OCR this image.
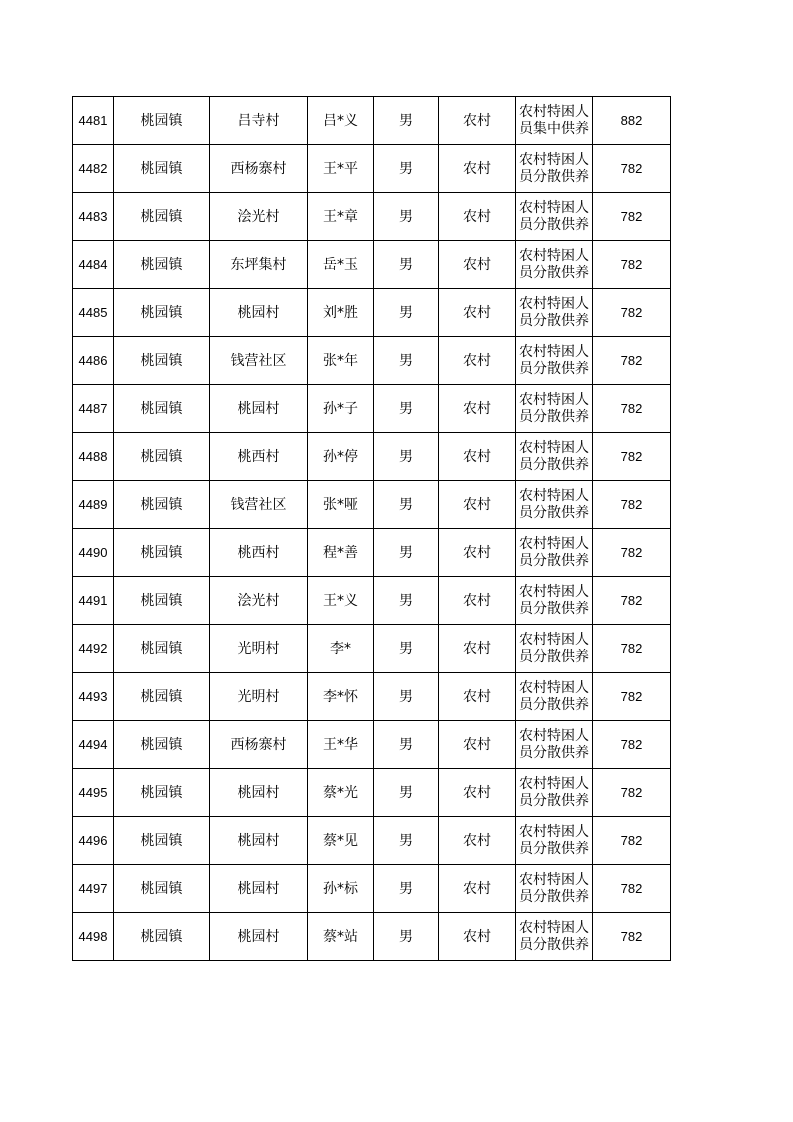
4481	桃园镇	吕寺村	吕*义	男	农村	农村特困人员集中供养	882
4482	桃园镇	西杨寨村	王*平	男	农村	农村特困人员分散供养	782
4483	桃园镇	浍光村	王*章	男	农村	农村特困人员分散供养	782
4484	桃园镇	东坪集村	岳*玉	男	农村	农村特困人员分散供养	782
4485	桃园镇	桃园村	刘*胜	男	农村	农村特困人员分散供养	782
4486	桃园镇	钱营社区	张*年	男	农村	农村特困人员分散供养	782
4487	桃园镇	桃园村	孙*子	男	农村	农村特困人员分散供养	782
4488	桃园镇	桃西村	孙*停	男	农村	农村特困人员分散供养	782
4489	桃园镇	钱营社区	张*哑	男	农村	农村特困人员分散供养	782
4490	桃园镇	桃西村	程*善	男	农村	农村特困人员分散供养	782
4491	桃园镇	浍光村	王*义	男	农村	农村特困人员分散供养	782
4492	桃园镇	光明村	李*	男	农村	农村特困人员分散供养	782
4493	桃园镇	光明村	李*怀	男	农村	农村特困人员分散供养	782
4494	桃园镇	西杨寨村	王*华	男	农村	农村特困人员分散供养	782
4495	桃园镇	桃园村	蔡*光	男	农村	农村特困人员分散供养	782
4496	桃园镇	桃园村	蔡*见	男	农村	农村特困人员分散供养	782
4497	桃园镇	桃园村	孙*标	男	农村	农村特困人员分散供养	782
4498	桃园镇	桃园村	蔡*站	男	农村	农村特困人员分散供养	782
